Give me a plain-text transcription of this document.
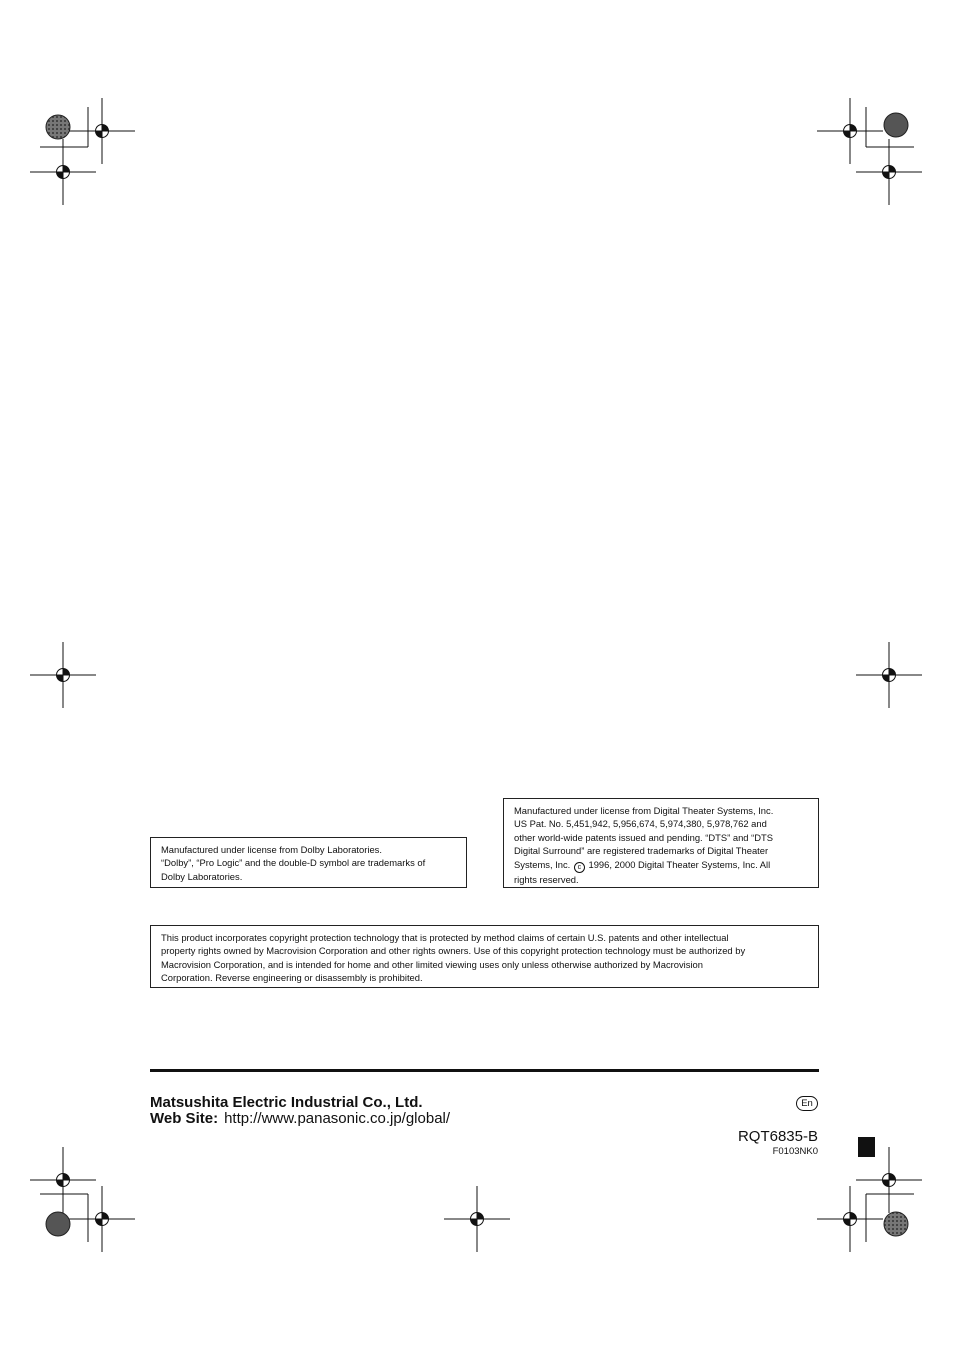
Manufactured under license from Dolby Laboratories.

“Dolby”, “Pro Logic” and the double-D symbol are trademarks of

Dolby Laboratories.

Manufactured under license from Digital Theater Systems, Inc.

US Pat. No. 5,451,942, 5,956,674, 5,974,380, 5,978,762 and

other world-wide patents issued and pending. “DTS” and “DTS

Digital Surround” are registered trademarks of Digital Theater

Systems, Inc. c 1996, 2000 Digital Theater Systems, Inc. All

rights reserved.

This product incorporates copyright protection technology that is protected by method claims of certain U.S. patents and other intellectual

property rights owned by Macrovision Corporation and other rights owners. Use of this copyright protection technology must be authorized by

Macrovision Corporation, and is intended for home and other limited viewing uses only unless otherwise authorized by Macrovision

Corporation. Reverse engineering or disassembly is prohibited.

Matsushita Electric Industrial Co., Ltd.
Web Site: http://www.panasonic.co.jp/global/
En
RQT6835-B
F0103NK0
